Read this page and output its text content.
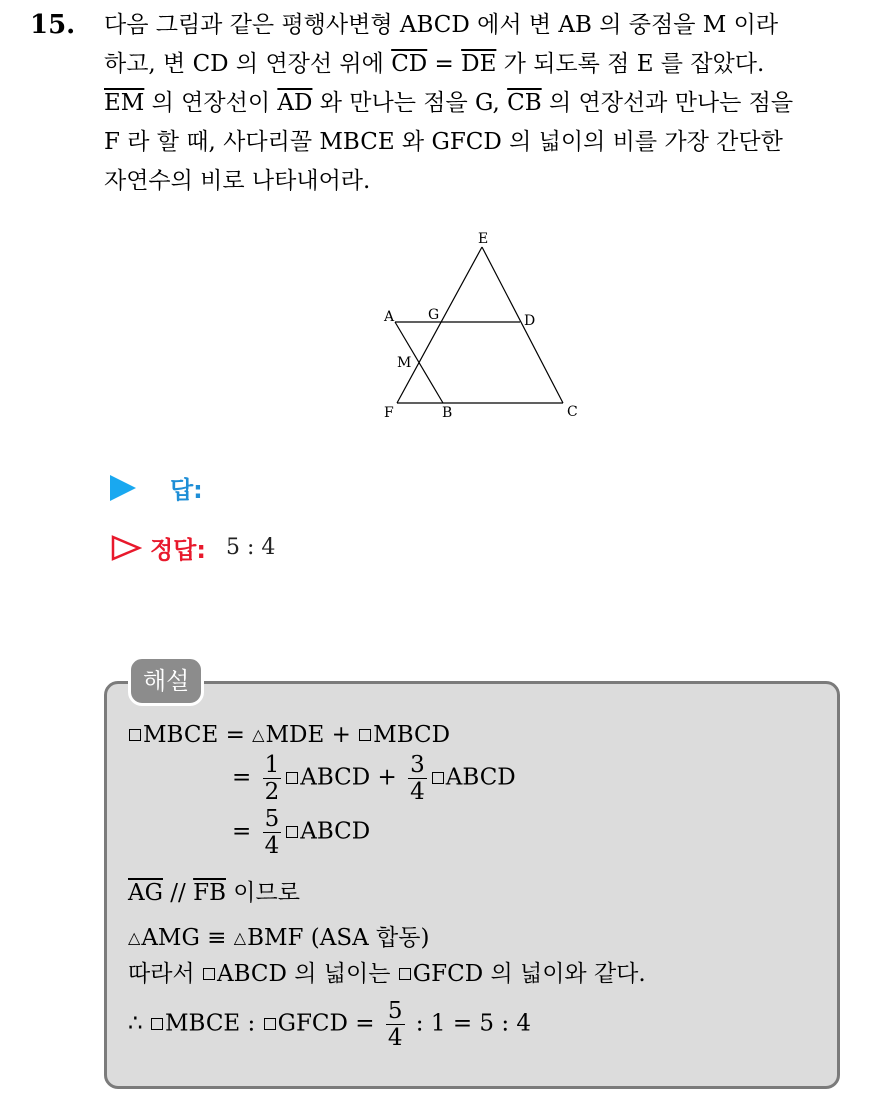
15. 다음 그림과 같은 평행사변형 ABCD 에서 변 AB 의 중점을 M 이라
하고, 변 CD 의 연장선 위에 $\overline{CD} = \overline{DE}$ 가 되도록 점 E 를 잡았다.
$\overline{EM}$ 의 연장선이 $\overline{AD}$ 와 만나는 점을 G, $\overline{CB}$ 의 연장선과 만나는 점을
F 라 할 때, 사다리꼴 MBCE 와 GFCD 의 넓이의 비를 가장 간단한
자연수의 비로 나타내어라.
E
A G	D
M
F	B	C
답:
정답: 5 : 4
해설
MBCE = △MDE + MBCD
= $\frac{1}{2}$ ABCD + $\frac{3}{4}$ ABCD
= $\frac{5}{4}$ ABCD
$\overline{AG} // \overline{FB}$ 이므로
△AMG ≡ △BMF (ASA 합동)
따라서 ABCD 의 넓이는 GFCD 의 넓이와 같다.
∴ MBCE : GFCD = $\frac{5}{4}$ : 1 = 5 : 4
